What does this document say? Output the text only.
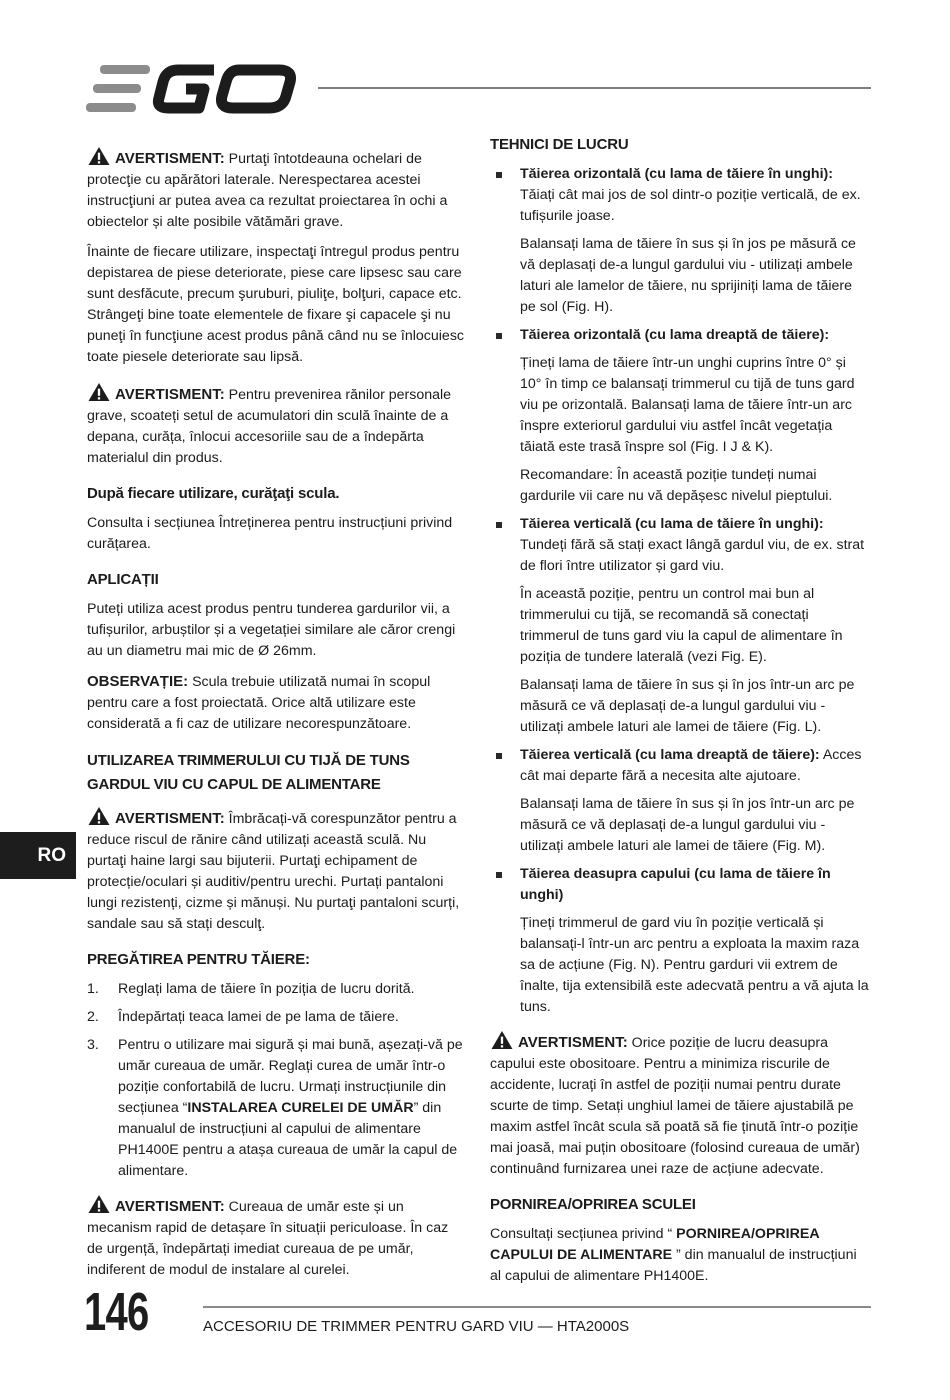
RO

AVERTISMENT: Purtaţi întotdeauna ochelari de protecţie cu apărători laterale. Nerespectarea acestei instrucţiuni ar putea avea ca rezultat proiectarea în ochi a obiectelor și alte posibile vătămări grave.

Înainte de fiecare utilizare, inspectaţi întregul produs pentru depistarea de piese deteriorate, piese care lipsesc sau care sunt desfăcute, precum şuruburi, piuliţe, bolţuri, capace etc. Strângeţi bine toate elementele de fixare şi capacele şi nu puneţi în funcţiune acest produs până când nu se înlocuiesc toate piesele deteriorate sau lipsă.

AVERTISMENT: Pentru prevenirea rănilor personale grave, scoateți setul de acumulatori din sculă înainte de a depana, curăța, înlocui accesoriile sau de a îndepărta materialul din produs.

După fiecare utilizare, curăţaţi scula.

Consulta i secțiunea Întreținerea pentru instrucțiuni privind curățarea.

APLICAȚII

Puteți utiliza acest produs pentru tunderea gardurilor vii, a tufișurilor, arbuștilor și a vegetației similare ale căror crengi au un diametru mai mic de Ø 26mm.

OBSERVAȚIE: Scula trebuie utilizată numai în scopul pentru care a fost proiectată. Orice altă utilizare este considerată a fi caz de utilizare necorespunzătoare.

UTILIZAREA TRIMMERULUI CU TIJĂ DE TUNS GARDUL VIU CU CAPUL DE ALIMENTARE

AVERTISMENT: Îmbrăcați-vă corespunzător pentru a reduce riscul de rănire când utilizați această sculă. Nu purtaţi haine largi sau bijuterii. Purtaţi echipament de protecție/oculari și auditiv/pentru urechi. Purtați pantaloni lungi rezistenți, cizme și mănuși. Nu purtaţi pantaloni scurți, sandale sau să stați desculţ.

PREGĂTIREA PENTRU TĂIERE:
1. Reglați lama de tăiere în poziția de lucru dorită.
2. Îndepărtați teaca lamei de pe lama de tăiere.
3. Pentru o utilizare mai sigură și mai bună, așezați-vă pe umăr cureaua de umăr. Reglați curea de umăr într-o poziție confortabilă de lucru. Urmați instrucțiunile din secțiunea “INSTALAREA CURELEI DE UMĂR” din manualul de instrucțiuni al capului de alimentare PH1400E pentru a atașa cureaua de umăr la capul de alimentare.

AVERTISMENT: Cureaua de umăr este și un mecanism rapid de detașare în situații periculoase. În caz de urgență, îndepărtați imediat cureaua de pe umăr, indiferent de modul de instalare al curelei.

TEHNICI DE LUCRU

Tăierea orizontală (cu lama de tăiere în unghi): Tăiați cât mai jos de sol dintr-o poziție verticală, de ex. tufișurile joase.

Balansați lama de tăiere în sus și în jos pe măsură ce vă deplasați de-a lungul gardului viu - utilizați ambele laturi ale lamelor de tăiere, nu sprijiniți lama de tăiere pe sol (Fig. H).

Tăierea orizontală (cu lama dreaptă de tăiere):

Țineți lama de tăiere într-un unghi cuprins între 0° și 10° în timp ce balansați trimmerul cu tijă de tuns gard viu pe orizontală. Balansați lama de tăiere într-un arc înspre exteriorul gardului viu astfel încât vegetația tăiată este trasă înspre sol (Fig. I J & K).

Recomandare: În această poziție tundeți numai gardurile vii care nu vă depășesc nivelul pieptului.

Tăierea verticală (cu lama de tăiere în unghi): Tundeți fără să stați exact lângă gardul viu, de ex. strat de flori între utilizator și gard viu.

În această poziție, pentru un control mai bun al trimmerului cu tijă, se recomandă să conectați trimmerul de tuns gard viu la capul de alimentare în poziția de tundere laterală (vezi Fig. E).

Balansați lama de tăiere în sus și în jos într-un arc pe măsură ce vă deplasați de-a lungul gardului viu - utilizați ambele laturi ale lamei de tăiere (Fig. L).

Tăierea verticală (cu lama dreaptă de tăiere): Acces cât mai departe fără a necesita alte ajutoare.

Balansați lama de tăiere în sus și în jos într-un arc pe măsură ce vă deplasați de-a lungul gardului viu - utilizați ambele laturi ale lamei de tăiere (Fig. M).

Tăierea deasupra capului (cu lama de tăiere în unghi)

Țineți trimmerul de gard viu în poziție verticală și balansați-l într-un arc pentru a exploata la maxim raza sa de acțiune (Fig. N). Pentru garduri vii extrem de înalte, tija extensibilă este adecvată pentru a vă ajuta la tuns.

AVERTISMENT: Orice poziție de lucru deasupra capului este obositoare. Pentru a minimiza riscurile de accidente, lucrați în astfel de poziții numai pentru durate scurte de timp. Setați unghiul lamei de tăiere ajustabilă pe maxim astfel încât scula să poată să fie ținută într-o poziție mai joasă, mai puțin obositoare (folosind cureaua de umăr) continuând furnizarea unei raze de acțiune adecvate.

PORNIREA/OPRIREA SCULEI

Consultați secțiunea privind “ PORNIREA/OPRIREA CAPULUI DE ALIMENTARE ” din manualul de instrucțiuni al capului de alimentare PH1400E.

146	ACCESORIU DE TRIMMER PENTRU GARD VIU — HTA2000S
